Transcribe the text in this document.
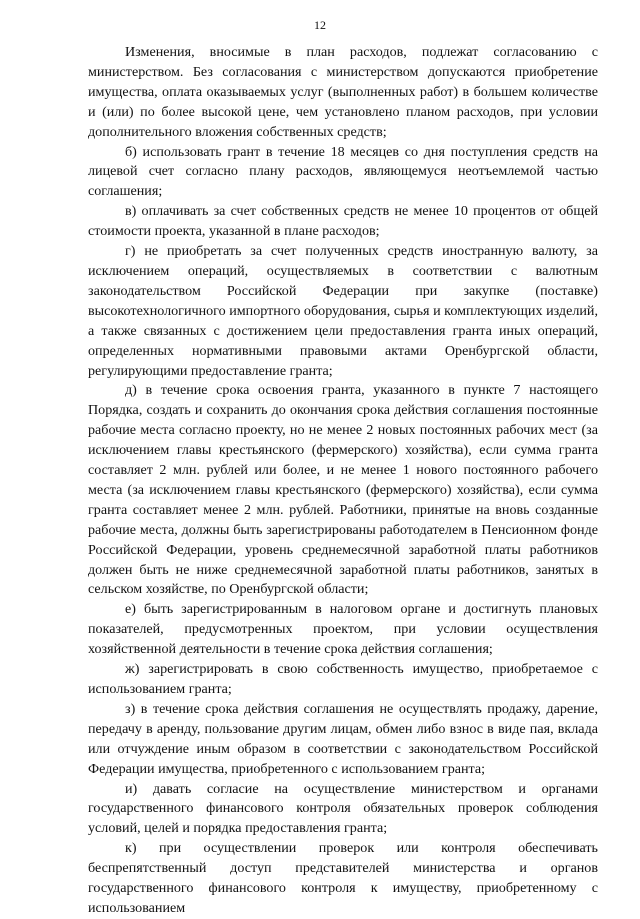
12

Изменения, вносимые в план расходов, подлежат согласованию с министерством. Без согласования с министерством допускаются приобретение имущества, оплата оказываемых услуг (выполненных работ) в большем количестве и (или) по более высокой цене, чем установлено планом расходов, при условии дополнительного вложения собственных средств;

б) использовать грант в течение 18 месяцев со дня поступления средств на лицевой счет согласно плану расходов, являющемуся неотъемлемой частью соглашения;

в) оплачивать за счет собственных средств не менее 10 процентов от общей стоимости проекта, указанной в плане расходов;

г) не приобретать за счет полученных средств иностранную валюту, за исключением операций, осуществляемых в соответствии с валютным законодательством Российской Федерации при закупке (поставке) высокотехнологичного импортного оборудования, сырья и комплектующих изделий, а также связанных с достижением цели предоставления гранта иных операций, определенных нормативными правовыми актами Оренбургской области, регулирующими предоставление гранта;

д) в течение срока освоения гранта, указанного в пункте 7 настоящего Порядка, создать и сохранить до окончания срока действия соглашения постоянные рабочие места согласно проекту, но не менее 2 новых постоянных рабочих мест (за исключением главы крестьянского (фермерского) хозяйства), если сумма гранта составляет 2 млн. рублей или более, и не менее 1 нового постоянного рабочего места (за исключением главы крестьянского (фермерского) хозяйства), если сумма гранта составляет менее 2 млн. рублей. Работники, принятые на вновь созданные рабочие места, должны быть зарегистрированы работодателем в Пенсионном фонде Российской Федерации, уровень среднемесячной заработной платы работников должен быть не ниже среднемесячной заработной платы работников, занятых в сельском хозяйстве, по Оренбургской области;

е) быть зарегистрированным в налоговом органе и достигнуть плановых показателей, предусмотренных проектом, при условии осуществления хозяйственной деятельности в течение срока действия соглашения;

ж) зарегистрировать в свою собственность имущество, приобретаемое с использованием гранта;

з) в течение срока действия соглашения не осуществлять продажу, дарение, передачу в аренду, пользование другим лицам, обмен либо взнос в виде пая, вклада или отчуждение иным образом в соответствии с законодательством Российской Федерации имущества, приобретенного с использованием гранта;

и) давать согласие на осуществление министерством и органами государственного финансового контроля обязательных проверок соблюдения условий, целей и порядка предоставления гранта;

к) при осуществлении проверок или контроля обеспечивать беспрепятственный доступ представителей министерства и органов государственного финансового контроля к имуществу, приобретенному с использованием
